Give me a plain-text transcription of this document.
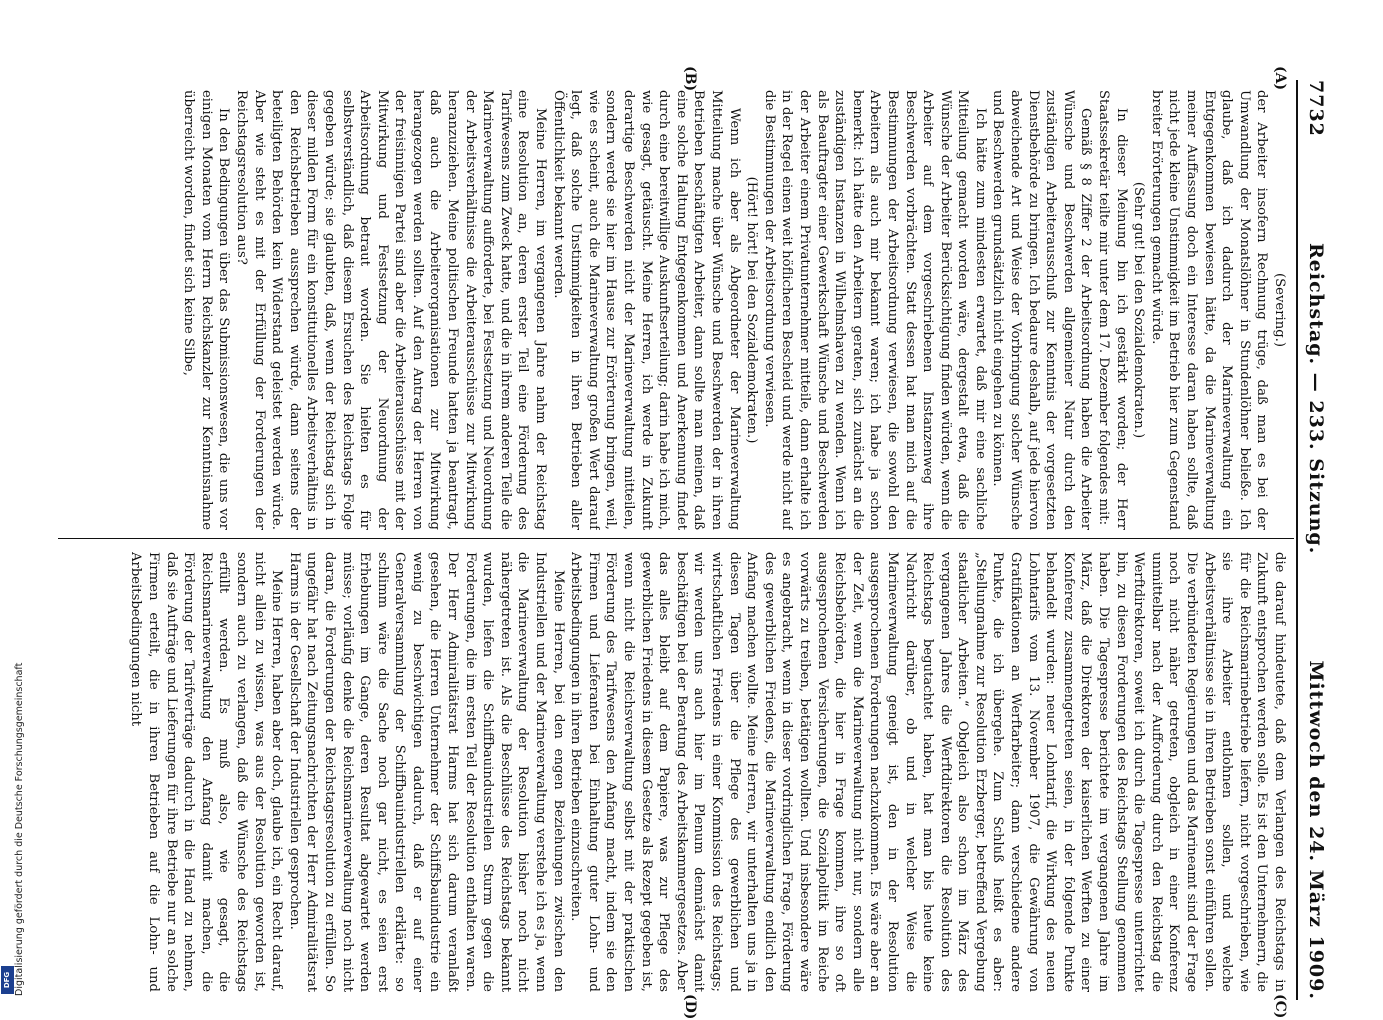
7732
Reichstag. — 233. Sitzung.
Mittwoch den 24. März 1909.
(A)
(B)
(C)
(D)

(Severing.)

der Arbeiter insofern Rechnung trüge, daß man es bei der Umwandlung der Monatslöhner in Stundenlöhner beließe. Ich glaube, daß ich dadurch der Marineverwaltung ein Entgegenkommen bewiesen hätte, da die Marineverwaltung meiner Auffassung doch ein Interesse daran haben sollte, daß nicht jede kleine Unstimmigkeit im Betrieb hier zum Gegenstand breiter Erörterungen gemacht würde.

(Sehr gut! bei den Sozialdemokraten.)

In dieser Meinung bin ich gestärkt worden; der Herr Staatssekretär teilte mir unter dem 17. Dezember folgendes mit:

Gemäß § 8 Ziffer 2 der Arbeitsordnung haben die Arbeiter Wünsche und Beschwerden allgemeiner Natur durch den zuständigen Arbeiterausschuß zur Kenntnis der vorgesetzten Dienstbehörde zu bringen. Ich bedaure deshalb, auf jede hiervon abweichende Art und Weise der Vorbringung solcher Wünsche und Beschwerden grundsätzlich nicht eingehen zu können.

Ich hätte zum mindesten erwartet, daß mir eine sachliche Mitteilung gemacht worden wäre, dergestalt etwa, daß die Wünsche der Arbeiter Berücksichtigung finden würden, wenn die Arbeiter auf dem vorgeschriebenen Instanzenweg ihre Beschwerden vorbrächten. Statt dessen hat man mich auf die Bestimmungen der Arbeitsordnung verwiesen, die sowohl den Arbeitern als auch mir bekannt waren; ich habe ja schon bemerkt: ich hätte den Arbeitern geraten, sich zunächst an die zuständigen Instanzen in Wilhelmshaven zu wenden. Wenn ich als Beauftragter einer Gewerkschaft Wünsche und Beschwerden der Arbeiter einem Privatunternehmer mitteile, dann erhalte ich in der Regel einen weit höflicheren Bescheid und werde nicht auf die Bestimmungen der Arbeitsordnung verwiesen.

(Hört! hört! bei den Sozialdemokraten.)

Wenn ich aber als Abgeordneter der Marineverwaltung Mitteilung mache über Wünsche und Beschwerden der in ihren Betrieben beschäftigten Arbeiter, dann sollte man meinen, daß eine solche Haltung Entgegenkommen und Anerkennung findet durch eine bereitwillige Auskunftserteilung; darin habe ich mich, wie gesagt, getäuscht. Meine Herren, ich werde in Zukunft derartige Beschwerden nicht der Marineverwaltung mitteilen, sondern werde sie hier im Hause zur Erörterung bringen, weil, wie es scheint, auch die Marineverwaltung großen Wert darauf legt, daß solche Unstimmigkeiten in ihren Betrieben aller Öffentlichkeit bekannt werden.

Meine Herren, im vergangenen Jahre nahm der Reichstag eine Resolution an, deren erster Teil eine Förderung des Tarifwesens zum Zweck hatte, und die in ihrem anderen Teile die Marineverwaltung aufforderte, bei Festsetzung und Neuordnung der Arbeitsverhältnisse die Arbeiterausschüsse zur Mitwirkung heranzuziehen. Meine politischen Freunde hatten ja beantragt, daß auch die Arbeiterorganisationen zur Mitwirkung herangezogen werden sollten. Auf den Antrag der Herren von der freisinnigen Partei sind aber die Arbeiterausschüsse mit der Mitwirkung und Festsetzung der Neuordnung der Arbeitsordnung betraut worden. Sie hielten es für selbstverständlich, daß diesem Ersuchen des Reichstags Folge gegeben würde; sie glaubten, daß, wenn der Reichstag sich in dieser milden Form für ein konstitutionelles Arbeitsverhältnis in den Reichsbetrieben aussprechen würde, dann seitens der beteiligten Behörden kein Widerstand geleistet werden würde. Aber wie steht es mit der Erfüllung der Forderungen der Reichstagsresolution aus?

In den Bedingungen über das Submissionswesen, die uns vor einigen Monaten vom Herrn Reichskanzler zur Kenntnisnahme überreicht worden, findet sich keine Silbe,

die darauf hindeutete, daß dem Verlangen des Reichstags in Zukunft entsprochen werden solle. Es ist den Unternehmern, die für die Reichsmarinebetriebe liefern, nicht vorgeschrieben, wie sie ihre Arbeiter entlohnen sollen, und welche Arbeitsverhältnisse sie in ihren Betrieben sonst einführen sollen. Die verbündeten Regierungen und das Marineamt sind der Frage noch nicht näher getreten, obgleich in einer Konferenz unmittelbar nach der Aufforderung durch den Reichstag die Werftdirektoren, soweit ich durch die Tagespresse unterrichtet bin, zu diesen Forderungen des Reichstags Stellung genommen haben. Die Tagespresse berichtete im vergangenen Jahre im März, daß die Direktoren der kaiserlichen Werften zu einer Konferenz zusammengetreten seien, in der folgende Punkte behandelt wurden: neuer Lohntarif, die Wirkung des neuen Lohntarifs vom 13. November 1907, die Gewährung von Gratifikationen an Werftarbeiter; dann verschiedene andere Punkte, die ich übergehe. Zum Schluß heißt es aber: „Stellungnahme zur Resolution Erzberger, betreffend Vergebung staatlicher Arbeiten.“ Obgleich also schon im März des vergangenen Jahres die Werftdirektoren die Resolution des Reichstags begutachtet haben, hat man bis heute keine Nachricht darüber, ob und in welcher Weise die Marineverwaltung geneigt ist, den in der Resolution ausgesprochenen Forderungen nachzukommen. Es wäre aber an der Zeit, wenn die Marineverwaltung nicht nur, sondern alle Reichsbehörden, die hier in Frage kommen, ihre so oft ausgesprochenen Versicherungen, die Sozialpolitik im Reiche vorwärts zu treiben, betätigen wollten. Und insbesondere wäre es angebracht, wenn in dieser vordringlichen Frage, Förderung des gewerblichen Friedens, die Marineverwaltung endlich den Anfang machen wollte. Meine Herren, wir unterhalten uns ja in diesen Tagen über die Pflege des gewerblichen und wirtschaftlichen Friedens in einer Kommission des Reichstags; wir werden uns auch hier im Plenum demnächst damit beschäftigen bei der Beratung des Arbeitskammergesetzes. Aber das alles bleibt auf dem Papiere, was zur Pflege des gewerblichen Friedens in diesem Gesetze als Rezept gegeben ist, wenn nicht die Reichsverwaltung selbst mit der praktischen Förderung des Tarifwesens den Anfang macht, indem sie den Firmen und Lieferanten bei Einhaltung guter Lohn- und Arbeitsbedingungen in ihren Betrieben einzuschreiten.

Meine Herren, bei den engen Beziehungen zwischen den Industriellen und der Marineverwaltung verstehe ich es ja, wenn die Marineverwaltung der Resolution bisher noch nicht nähergetreten ist. Als die Beschlüsse des Reichstags bekannt wurden, liefen die Schiffbauindustriellen Sturm gegen die Forderungen, die im ersten Teil der Resolution enthalten waren. Der Herr Admiralitätsrat Harms hat sich darum veranlaßt gesehen, die Herren Unternehmer der Schiffsbauindustrie ein wenig zu beschwichtigen dadurch, daß er auf einer Generalversammlung der Schiffbauindustriellen erklärte: so schlimm wäre die Sache noch gar nicht, es seien erst Erhebungen im Gange, deren Resultat abgewartet werden müsse; vorläufig denke die Reichsmarineverwaltung noch nicht daran, die Forderungen der Reichstagsresolution zu erfüllen. So ungefähr hat nach Zeitungsnachrichten der Herr Admiralitätsrat Harms in der Gesellschaft der Industriellen gesprochen.

Meine Herren, haben aber doch, glaube ich, ein Recht darauf, nicht allein zu wissen, was aus der Resolution geworden ist, sondern auch zu verlangen, daß die Wünsche des Reichstags erfüllt werden. Es muß also, wie gesagt, die Reichsmarineverwaltung den Anfang damit machen, die Förderung der Tarifverträge dadurch in die Hand zu nehmen, daß sie Aufträge und Lieferungen für ihre Betriebe nur an solche Firmen erteilt, die in ihren Betrieben auf die Lohn- und Arbeitsbedingungen nicht

Digitalisierung gefördert durch die Deutsche Forschungsgemeinschaft
DFG
